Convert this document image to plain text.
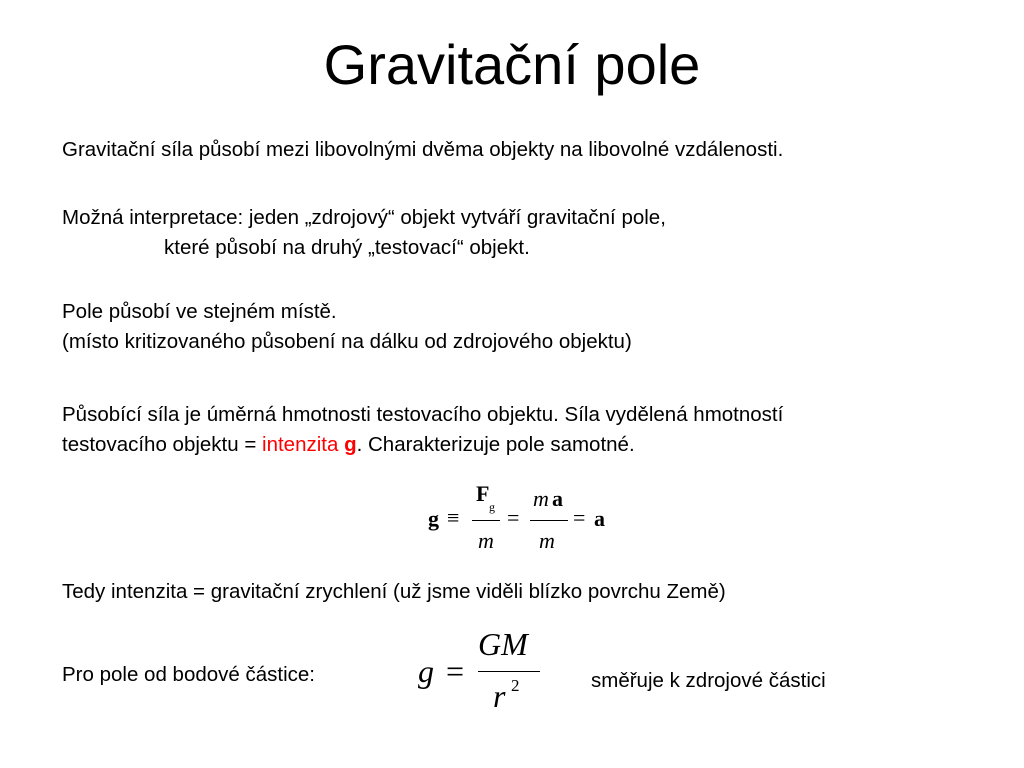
Gravitační pole
Gravitační síla působí mezi libovolnými dvěma objekty na libovolné vzdálenosti.
Možná interpretace: jeden „zdrojový“ objekt vytváří gravitační pole,
které působí na druhý „testovací“ objekt.
Pole působí ve stejném místě.
(místo kritizovaného působení na dálku od zdrojového objektu)
Působící síla je úměrná hmotnosti testovacího objektu. Síla vydělená hmotností
testovacího objektu = intenzita g. Charakterizuje pole samotné.
g ≡
F
g
m
=
m a
m
= a
Tedy intenzita = gravitační zrychlení (už jsme viděli blízko povrchu Země)
Pro pole od bodové částice:	g =
GM
r 2	směřuje k zdrojové částici
